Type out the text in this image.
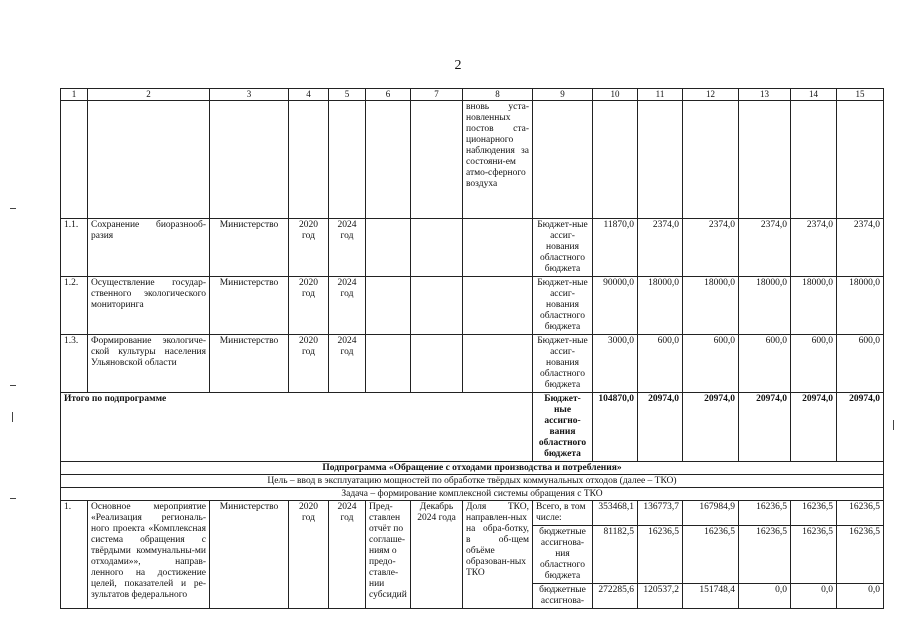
2
1	2	3	4	5	6	7	8	9	10	11	12	13	14	15
							вновь уста-новленных постов ста-ционарного наблюдения за состояни-ем атмо-сферного воздуха							
1.1.	Сохранение биоразнооб-разия	Министерство	2020 год	2024 год				Бюджет-ные ассиг-нования областного бюджета	11870,0	2374,0	2374,0	2374,0	2374,0	2374,0
1.2.	Осуществление государ-ственного экологического мониторинга	Министерство	2020 год	2024 год				Бюджет-ные ассиг-нования областного бюджета	90000,0	18000,0	18000,0	18000,0	18000,0	18000,0
1.3.	Формирование экологиче-ской культуры населения Ульяновской области	Министерство	2020 год	2024 год				Бюджет-ные ассиг-нования областного бюджета	3000,0	600,0	600,0	600,0	600,0	600,0
Итого по подпрограмме								Бюджет-ные ассигно-вания областного бюджета	104870,0	20974,0	20974,0	20974,0	20974,0	20974,0
Подпрограмма «Обращение с отходами производства и потребления»														
Цель – ввод в эксплуатацию мощностей по обработке твёрдых коммунальных отходов (далее – ТКО)														
Задача – формирование комплексной системы обращения с ТКО														
1.	Основное мероприятие «Реализация региональ-ного проекта «Комплексная система обращения с твёрдыми коммунальны-ми отходами»», направ-ленного на достижение целей, показателей и ре-зультатов федерального	Министерство	2020 год	2024 год	Пред-ставлен отчёт по соглаше-ниям о предо-ставле-нии субсидий	Декабрь 2024 года	Доля ТКО, направлен-ных на обра-ботку, в об-щем объёме образован-ных ТКО	Всего, в том числе:	353468,1	136773,7	167984,9	16236,5	16236,5	16236,5
								бюджетные ассигнова-ния областного бюджета	81182,5	16236,5	16236,5	16236,5	16236,5	16236,5
								бюджетные ассигнова-	272285,6	120537,2	151748,4	0,0	0,0	0,0
